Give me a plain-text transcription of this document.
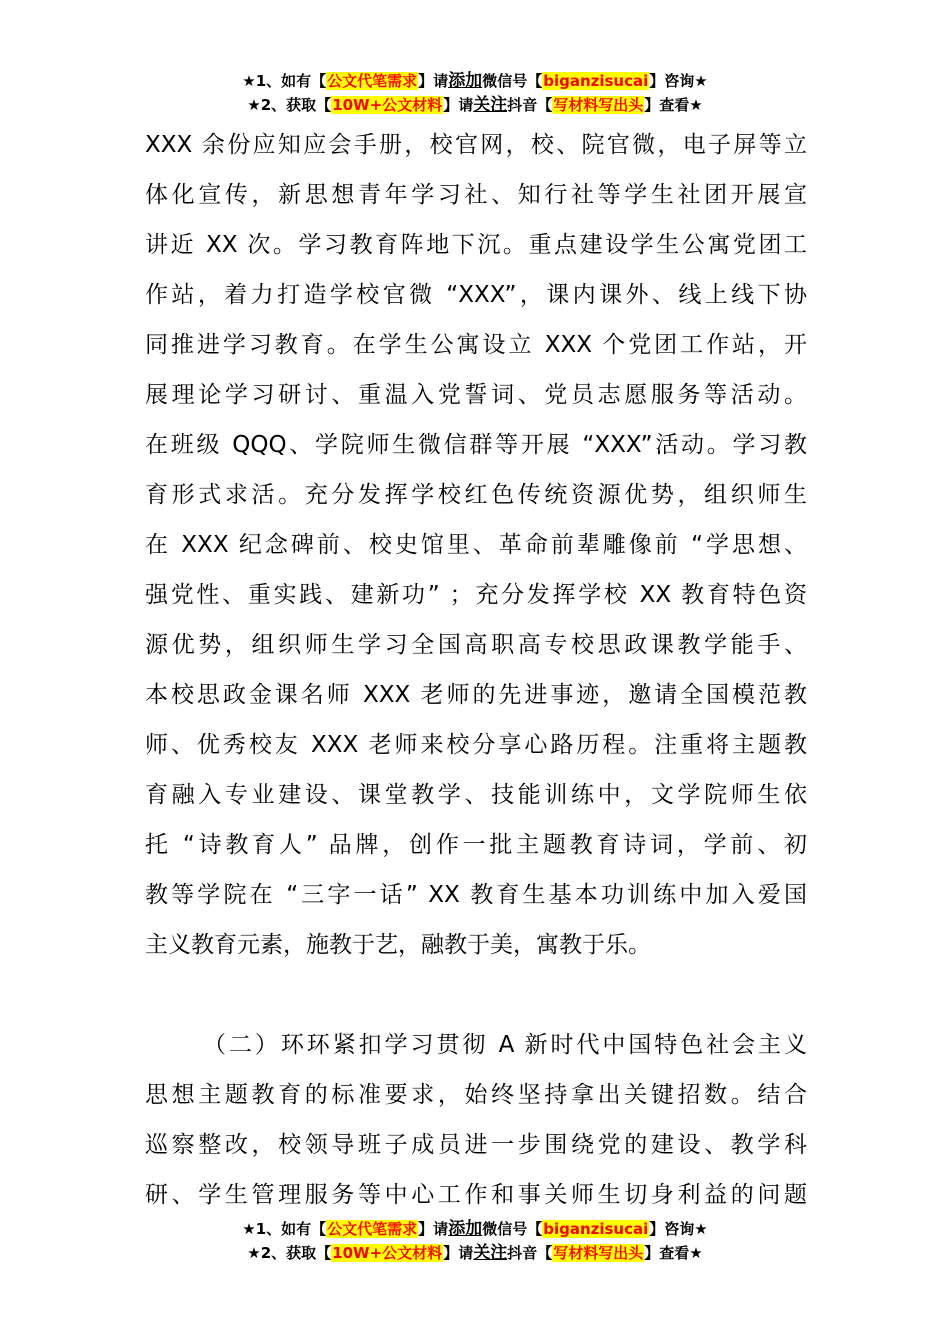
★1、如有【公文代笔需求】请添加微信号【biganzisucai】咨询★
★2、获取【10W+公文材料】请关注抖音【写材料写出头】查看★
XXX 余份应知应会手册，校官网，校、院官微，电子屏等立
体化宣传，新思想青年学习社、知行社等学生社团开展宣
讲近 XX 次。学习教育阵地下沉。重点建设学生公寓党团工
作站，着力打造学校官微 “XXX”，课内课外、线上线下协
同推进学习教育。在学生公寓设立 XXX 个党团工作站，开
展理论学习研讨、重温入党誓词、党员志愿服务等活动。
在班级 QQQ、学院师生微信群等开展 “XXX”活动。学习教
育形式求活。充分发挥学校红色传统资源优势，组织师生
在 XXX 纪念碑前、校史馆里、革命前辈雕像前 “学思想、
强党性、重实践、建新功” ；充分发挥学校 XX 教育特色资
源优势，组织师生学习全国高职高专校思政课教学能手、
本校思政金课名师 XXX 老师的先进事迹，邀请全国模范教
师、优秀校友 XXX 老师来校分享心路历程。注重将主题教
育融入专业建设、课堂教学、技能训练中，文学院师生依
托 “诗教育人” 品牌，创作一批主题教育诗词，学前、初
教等学院在 “三字一话” XX 教育生基本功训练中加入爱国
主义教育元素，施教于艺，融教于美，寓教于乐。
（二）环环紧扣学习贯彻 A 新时代中国特色社会主义
思想主题教育的标准要求，始终坚持拿出关键招数。结合
巡察整改，校领导班子成员进一步围绕党的建设、教学科
研、学生管理服务等中心工作和事关师生切身利益的问题
★1、如有【公文代笔需求】请添加微信号【biganzisucai】咨询★
★2、获取【10W+公文材料】请关注抖音【写材料写出头】查看★
